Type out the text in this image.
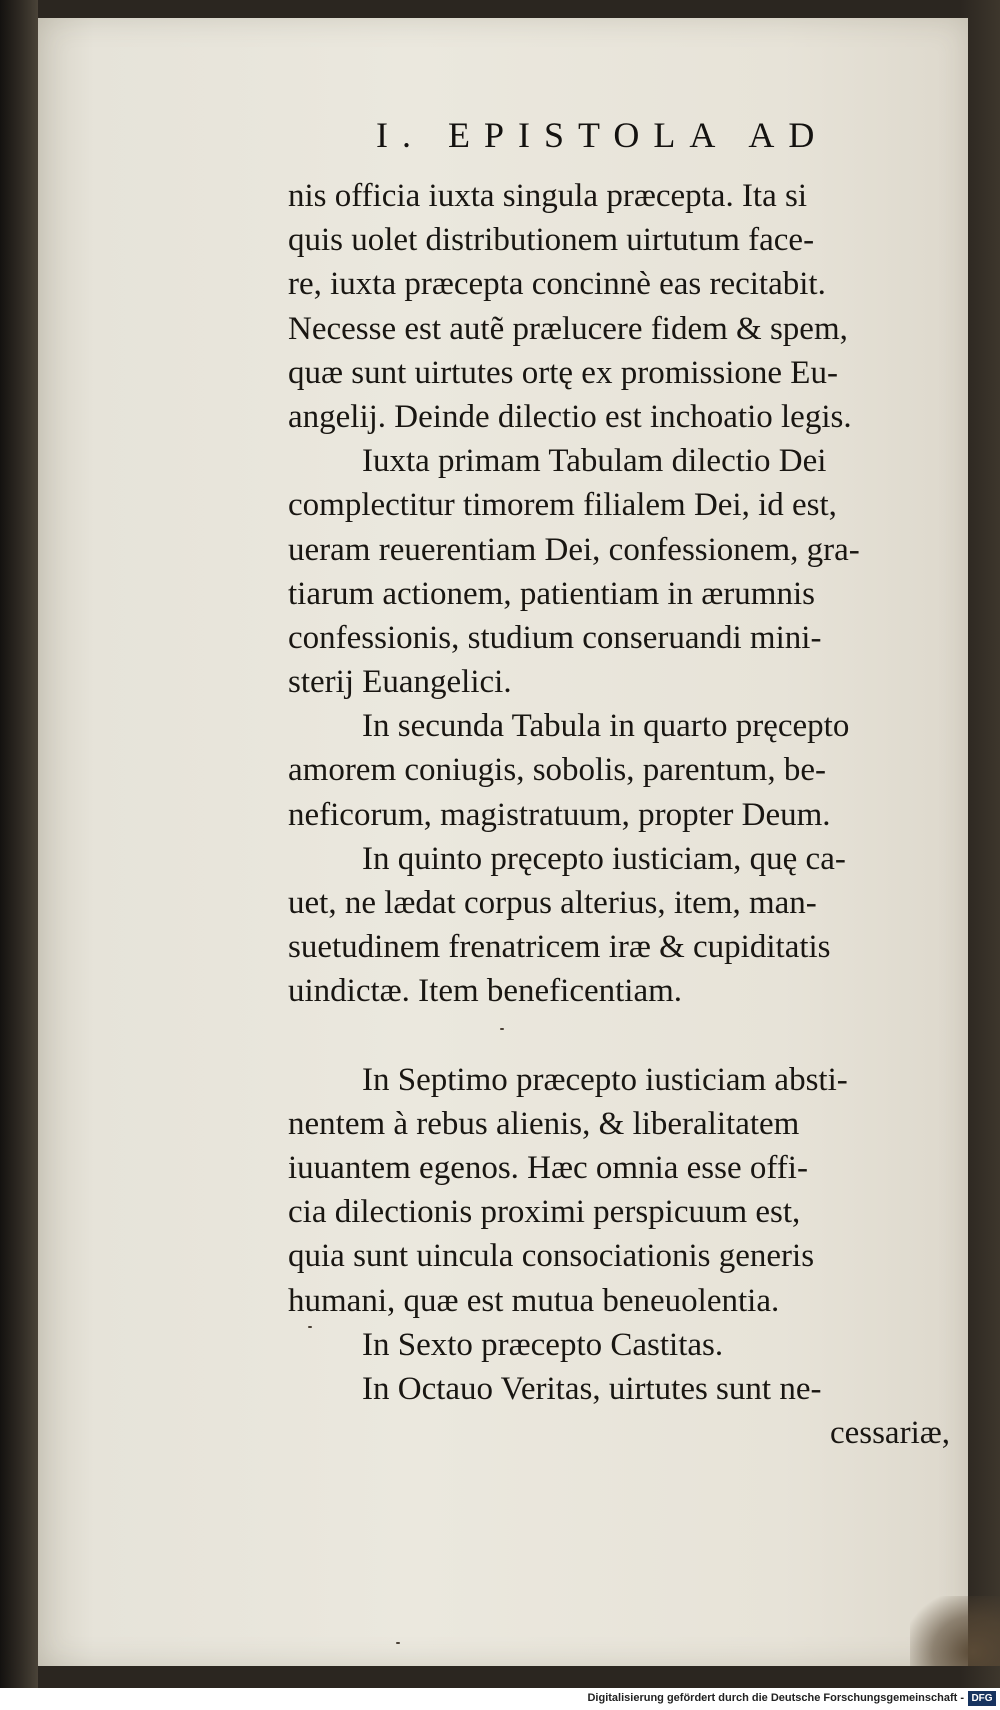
I. EPISTOLA AD
nis officia iuxta singula præcepta. Ita si
quis uolet distributionem uirtutum face-
re, iuxta præcepta concinnè eas recitabit.
Necesse est autẽ prælucere fidem & spem,
quæ sunt uirtutes ortę ex promissione Eu-
angelij. Deinde dilectio est inchoatio legis.
Iuxta primam Tabulam dilectio Dei
complectitur timorem filialem Dei, id est,
ueram reuerentiam Dei, confessionem, gra-
tiarum actionem, patientiam in ærumnis
confessionis, studium conseruandi mini-
sterij Euangelici.
In secunda Tabula in quarto pręcepto
amorem coniugis, sobolis, parentum, be-
neficorum, magistratuum, propter Deum.
In quinto pręcepto iusticiam, quę ca-
uet, ne lædat corpus alterius, item, man-
suetudinem frenatricem iræ & cupiditatis
uindictæ. Item beneficentiam.
In Septimo præcepto iusticiam absti-
nentem à rebus alienis, & liberalitatem
iuuantem egenos. Hæc omnia esse offi-
cia dilectionis proximi perspicuum est,
quia sunt uincula consociationis generis
humani, quæ est mutua beneuolentia.
In Sexto præcepto Castitas.
In Octauo Veritas, uirtutes sunt ne-
cessariæ,
Digitalisierung gefördert durch die Deutsche Forschungsgemeinschaft - DFG
